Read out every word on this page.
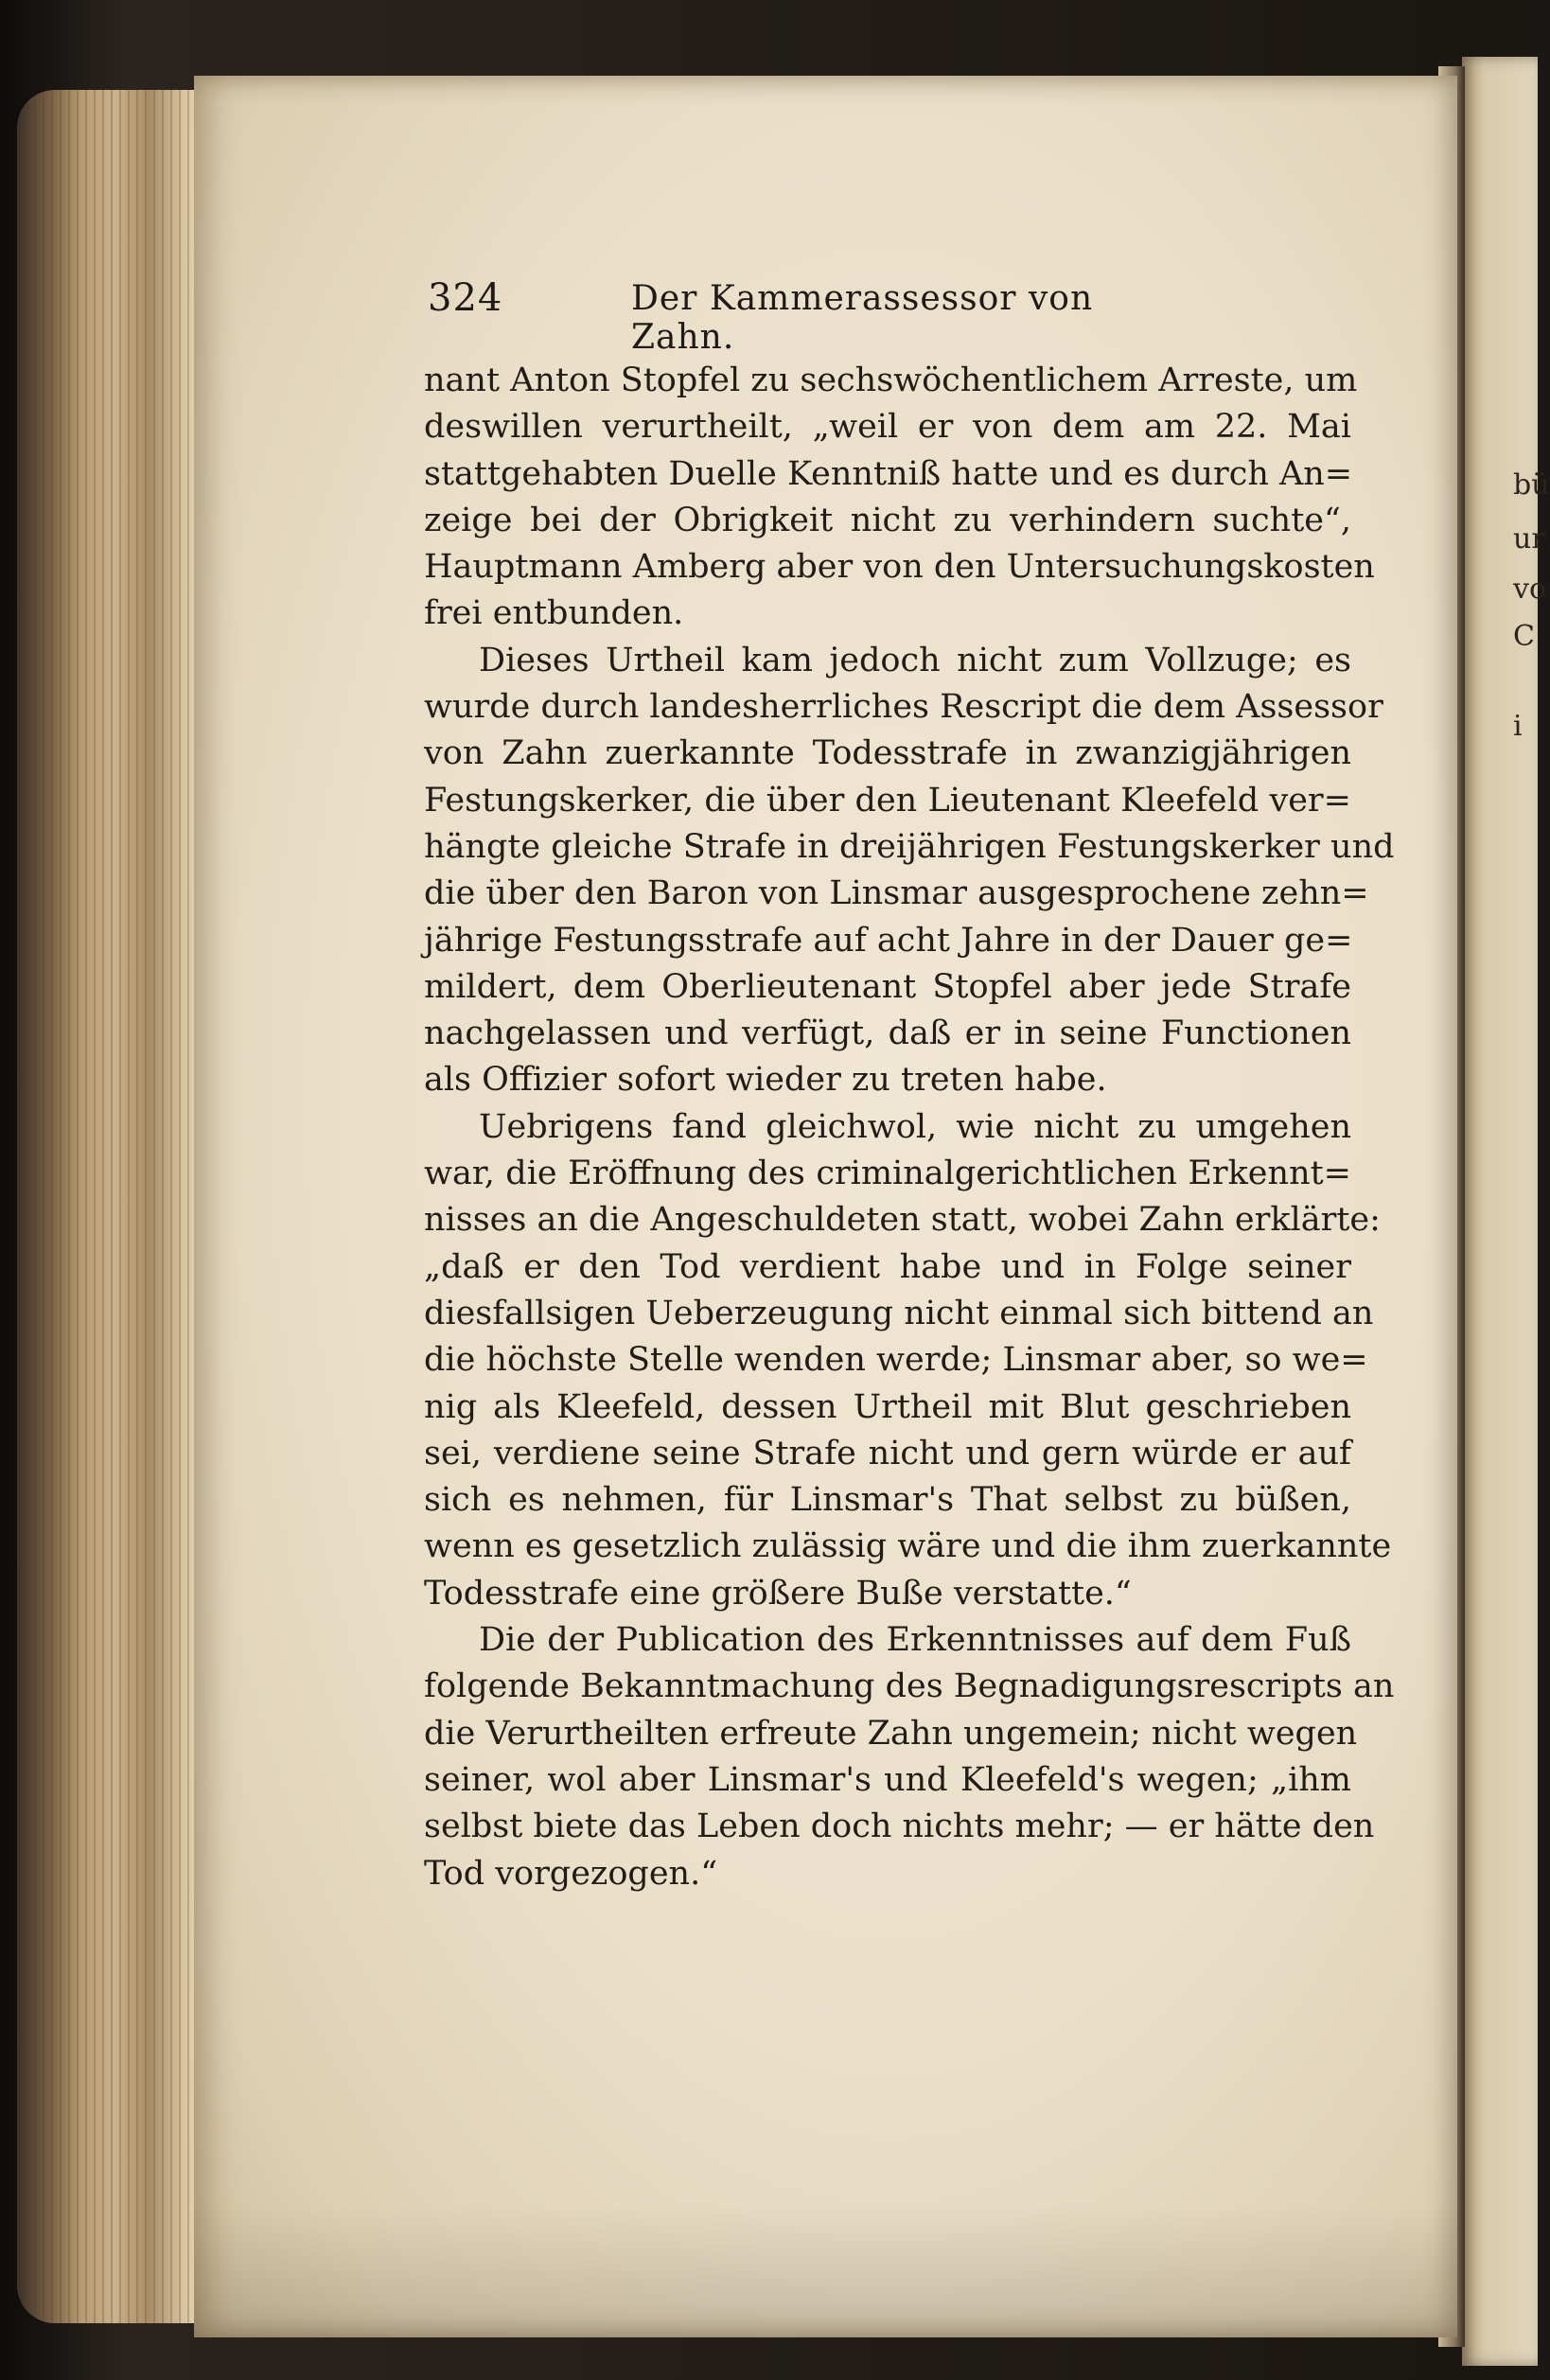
bü
ur
vo
C
i
324	Der Kammerassessor von Zahn.
nant Anton Stopfel zu sechswöchentlichem Arreste, um
deswillen verurtheilt, „weil er von dem am 22. Mai
stattgehabten Duelle Kenntniß hatte und es durch An=
zeige bei der Obrigkeit nicht zu verhindern suchte“,
Hauptmann Amberg aber von den Untersuchungskosten
frei entbunden.
Dieses Urtheil kam jedoch nicht zum Vollzuge; es
wurde durch landesherrliches Rescript die dem Assessor
von Zahn zuerkannte Todesstrafe in zwanzigjährigen
Festungskerker, die über den Lieutenant Kleefeld ver=
hängte gleiche Strafe in dreijährigen Festungskerker und
die über den Baron von Linsmar ausgesprochene zehn=
jährige Festungsstrafe auf acht Jahre in der Dauer ge=
mildert, dem Oberlieutenant Stopfel aber jede Strafe
nachgelassen und verfügt, daß er in seine Functionen
als Offizier sofort wieder zu treten habe.
Uebrigens fand gleichwol, wie nicht zu umgehen
war, die Eröffnung des criminalgerichtlichen Erkennt=
nisses an die Angeschuldeten statt, wobei Zahn erklärte:
„daß er den Tod verdient habe und in Folge seiner
diesfallsigen Ueberzeugung nicht einmal sich bittend an
die höchste Stelle wenden werde; Linsmar aber, so we=
nig als Kleefeld, dessen Urtheil mit Blut geschrieben
sei, verdiene seine Strafe nicht und gern würde er auf
sich es nehmen, für Linsmar's That selbst zu büßen,
wenn es gesetzlich zulässig wäre und die ihm zuerkannte
Todesstrafe eine größere Buße verstatte.“
Die der Publication des Erkenntnisses auf dem Fuß
folgende Bekanntmachung des Begnadigungsrescripts an
die Verurtheilten erfreute Zahn ungemein; nicht wegen
seiner, wol aber Linsmar's und Kleefeld's wegen; „ihm
selbst biete das Leben doch nichts mehr; — er hätte den
Tod vorgezogen.“
